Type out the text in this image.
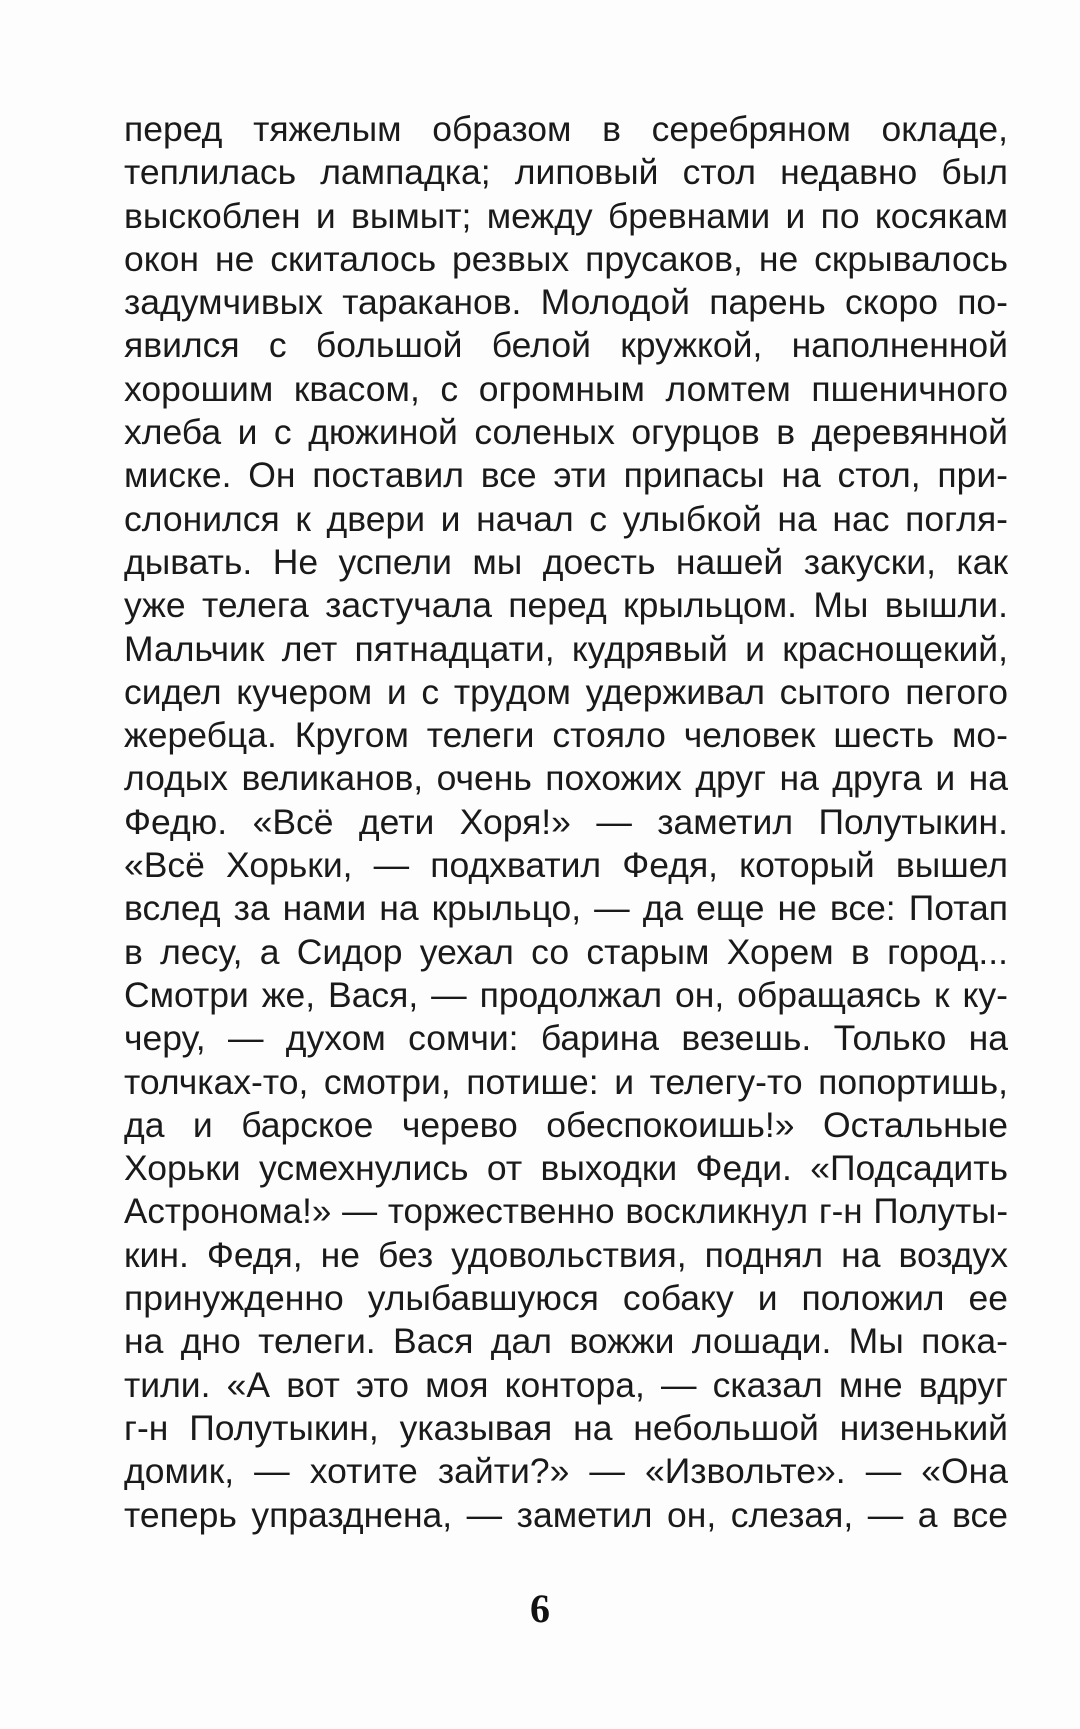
перед тяжелым образом в серебряном окладе,
теплилась лампадка; липовый стол недавно был
выскоблен и вымыт; между бревнами и по косякам
окон не скиталось резвых прусаков, не скрывалось
задумчивых тараканов. Молодой парень скоро по-
явился с большой белой кружкой, наполненной
хорошим квасом, с огромным ломтем пшеничного
хлеба и с дюжиной соленых огурцов в деревянной
миске. Он поставил все эти припасы на стол, при-
слонился к двери и начал с улыбкой на нас погля-
дывать. Не успели мы доесть нашей закуски, как
уже телега застучала перед крыльцом. Мы вышли.
Мальчик лет пятнадцати, кудрявый и краснощекий,
сидел кучером и с трудом удерживал сытого пегого
жеребца. Кругом телеги стояло человек шесть мо-
лодых великанов, очень похожих друг на друга и на
Федю. «Всё дети Хоря!» — заметил Полутыкин.
«Всё Хорьки, — подхватил Федя, который вышел
вслед за нами на крыльцо, — да еще не все: Потап
в лесу, а Сидор уехал со старым Хорем в город...
Смотри же, Вася, — продолжал он, обращаясь к ку-
черу, — духом сомчи: барина везешь. Только на
толчках-то, смотри, потише: и телегу-то попортишь,
да и барское черево обеспокоишь!» Остальные
Хорьки усмехнулись от выходки Феди. «Подсадить
Астронома!» — торжественно воскликнул г-н Полуты-
кин. Федя, не без удовольствия, поднял на воздух
принужденно улыбавшуюся собаку и положил ее
на дно телеги. Вася дал вожжи лошади. Мы пока-
тили. «А вот это моя контора, — сказал мне вдруг
г-н Полутыкин, указывая на небольшой низенький
домик, — хотите зайти?» — «Извольте». — «Она
теперь упразднена, — заметил он, слезая, — а все
6
